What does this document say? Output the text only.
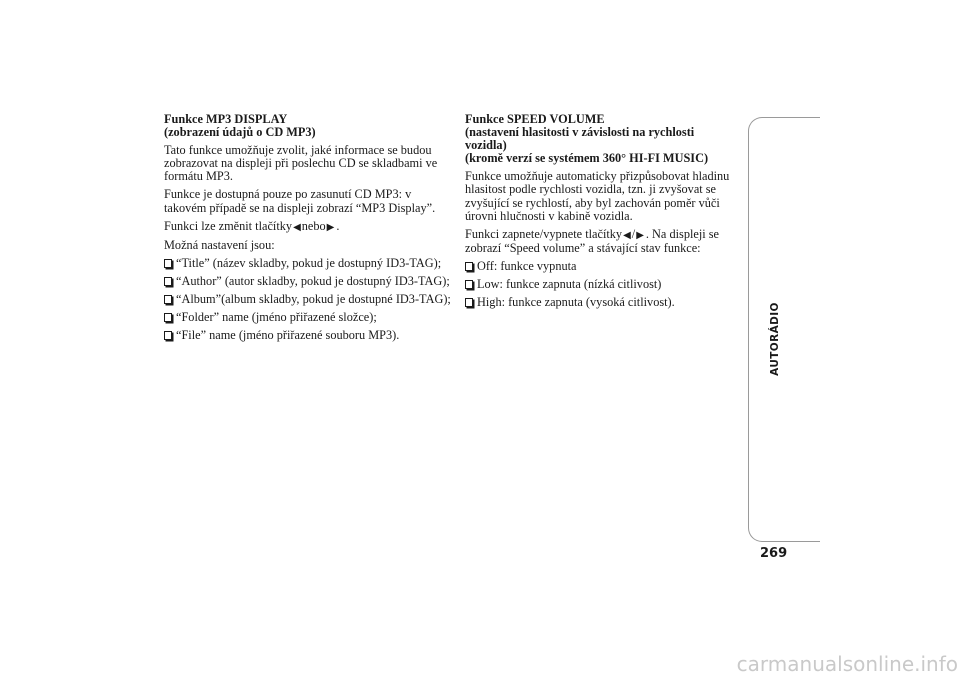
Funkce MP3 DISPLAY
(zobrazení údajů o CD MP3)

Tato funkce umožňuje zvolit, jaké informace se budou zobrazovat na displeji při poslechu CD se skladbami ve formátu MP3.

Funkce je dostupná pouze po zasunutí CD MP3: v takovém případě se na displeji zobrazí “MP3 Display”.

Funkci lze změnit tlačítky◀nebo▶ .

Možná nastavení jsou:

“Title” (název skladby, pokud je dostupný ID3-TAG);
“Author” (autor skladby, pokud je dostupný ID3-TAG);
“Album”(album skladby, pokud je dostupné ID3-TAG);
“Folder” name (jméno přiřazené složce);
“File” name (jméno přiřazené souboru MP3).
Funkce SPEED VOLUME
(nastavení hlasitosti v závislosti na rychlosti
vozidla)
(kromě verzí se systémem 360° HI-FI MUSIC)

Funkce umožňuje automaticky přizpůsobovat hladinu hlasitost podle rychlosti vozidla, tzn. ji zvyšovat se zvyšující se rychlostí, aby byl zachován poměr vůči úrovni hlučnosti v kabině vozidla.

Funkci zapnete/vypnete tlačítky◀/▶ . Na displeji se zobrazí “Speed volume” a stávající stav funkce:

Off: funkce vypnuta
Low: funkce zapnuta (nízká citlivost)
High: funkce zapnuta (vysoká citlivost).	AUTORÁDIO
269
carmanualsonline.info
